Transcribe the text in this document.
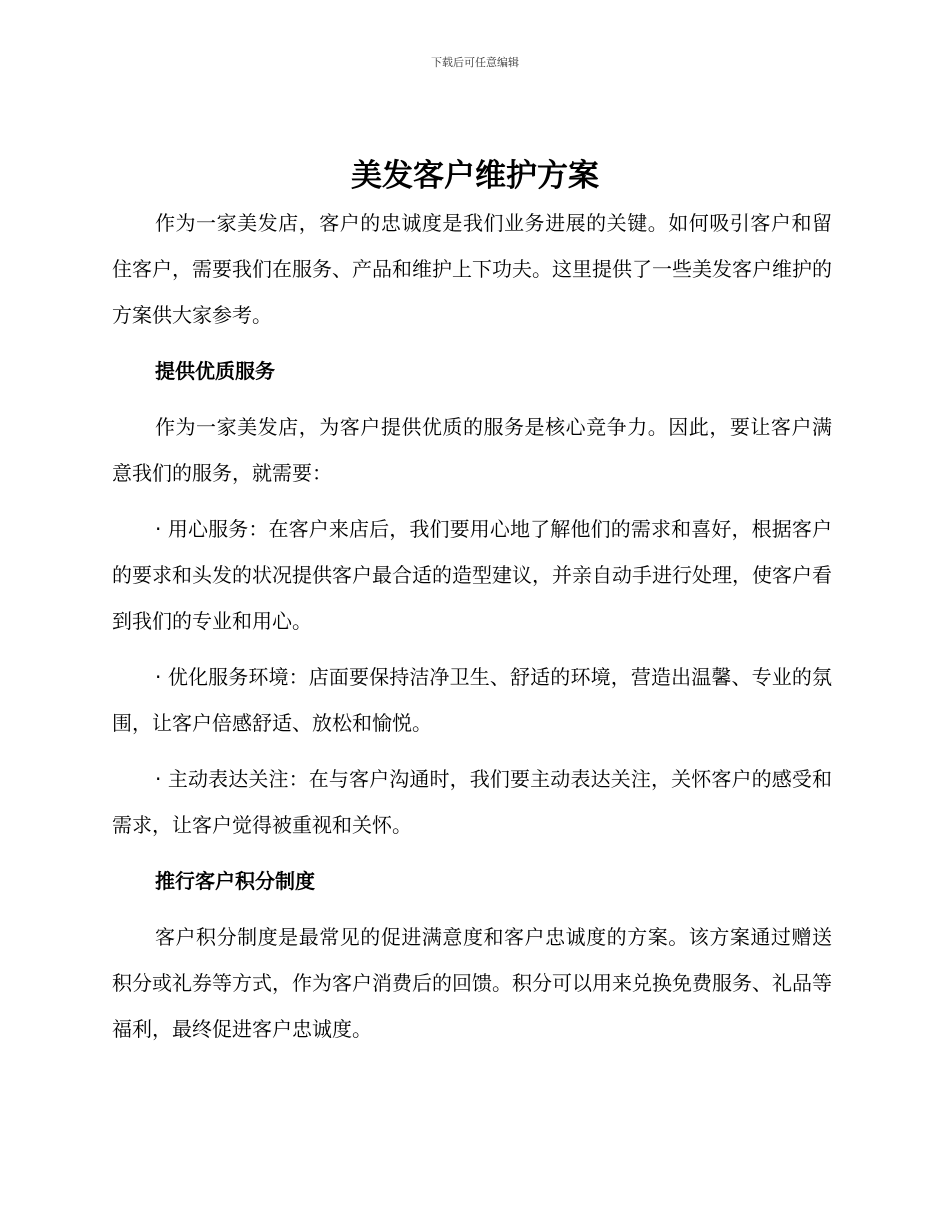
下载后可任意编辑
美发客户维护方案

作为一家美发店，客户的忠诚度是我们业务进展的关键。如何吸引客户和留住客户，需要我们在服务、产品和维护上下功夫。这里提供了一些美发客户维护的方案供大家参考。

提供优质服务

作为一家美发店，为客户提供优质的服务是核心竞争力。因此，要让客户满意我们的服务，就需要：

· 用心服务：在客户来店后，我们要用心地了解他们的需求和喜好，根据客户的要求和头发的状况提供客户最合适的造型建议，并亲自动手进行处理，使客户看到我们的专业和用心。

· 优化服务环境：店面要保持洁净卫生、舒适的环境，营造出温馨、专业的氛围，让客户倍感舒适、放松和愉悦。

· 主动表达关注：在与客户沟通时，我们要主动表达关注，关怀客户的感受和需求，让客户觉得被重视和关怀。

推行客户积分制度

客户积分制度是最常见的促进满意度和客户忠诚度的方案。该方案通过赠送积分或礼券等方式，作为客户消费后的回馈。积分可以用来兑换免费服务、礼品等福利，最终促进客户忠诚度。
